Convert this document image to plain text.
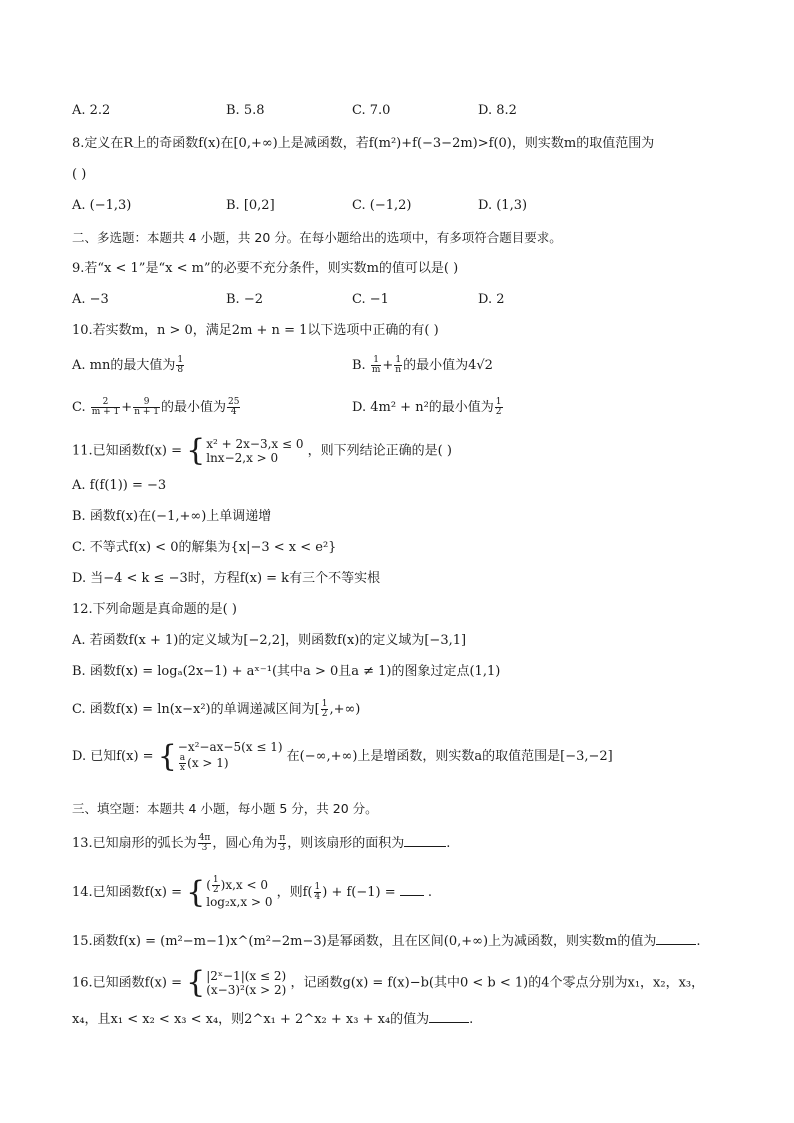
A. 2.2	B. 5.8	C. 7.0	D. 8.2
8.定义在R上的奇函数f(x)在[0,+∞)上是减函数，若f(m²)+f(−3−2m)>f(0)，则实数m的取值范围为
( )
A. (−1,3)	B. [0,2]	C. (−1,2)	D. (1,3)
二、多选题：本题共 4 小题，共 20 分。在每小题给出的选项中，有多项符合题目要求。
9.若“x < 1”是“x < m”的必要不充分条件，则实数m的值可以是( )
A. −3	B. −2	C. −1	D. 2
10.若实数m，n > 0，满足2m + n = 1以下选项中正确的有( )
A. mn的最大值为 $\frac{1}{8}$	B. $\frac{1}{m} + \frac{1}{n}$ 的最小值为4√2
C. $\frac{2}{m + 1} + \frac{9}{n + 1}$ 的最小值为 $\frac{25}{4}$	D. 4m² + n²的最小值为 $\frac{1}{2}$
11.已知函数f(x) = { x² + 2x−3,x ≤ 0
lnx−2,x > 0	，则下列结论正确的是( )
A. f(f(1)) = −3
B. 函数f(x)在(−1,+∞)上单调递增
C. 不等式f(x) < 0的解集为{x|−3 < x < e²}
D. 当−4 < k ≤ −3时，方程f(x) = k有三个不等实根
12.下列命题是真命题的是( )
A. 若函数f(x + 1)的定义域为[−2,2]，则函数f(x)的定义域为[−3,1]
B. 函数f(x) = logₐ(2x−1) + aˣ⁻¹(其中a > 0且a ≠ 1)的图象过定点(1,1)
C. 函数f(x) = ln(x−x²)的单调递减区间为[ $\frac{1}{2}$ ,+∞)
D. 已知f(x) = { −x²−ax−5(x ≤ 1)
$\frac{a}{x} (x > 1)$	在(−∞,+∞)上是增函数，则实数a的取值范围是[−3,−2]
三、填空题：本题共 4 小题，每小题 5 分，共 20 分。
13.已知扇形的弧长为 $\frac{4\pi}{3}$ ，圆心角为 $\frac{\pi}{3}$ ，则该扇形的面积为	.
14.已知函数f(x) = { ( $\frac{1}{2} )x,x < 0$
log₂x,x > 0
，则$f( \frac{1}{4}$ ) + f(−1) = .
15.函数f(x) = (m²−m−1)x^(m²−2m−3)是幂函数，且在区间(0,+∞)上为减函数，则实数m的值为	.
16.已知函数f(x) = { |2ˣ−1|(x ≤ 2)
(x−3)²(x > 2) ，记函数g(x) = f(x)−b(其中0 < b < 1)的4个零点分别为x₁，x₂，x₃，
x₄，且x₁ < x₂ < x₃ < x₄，则2^x₁ + 2^x₂ + x₃ + x₄的值为	.
